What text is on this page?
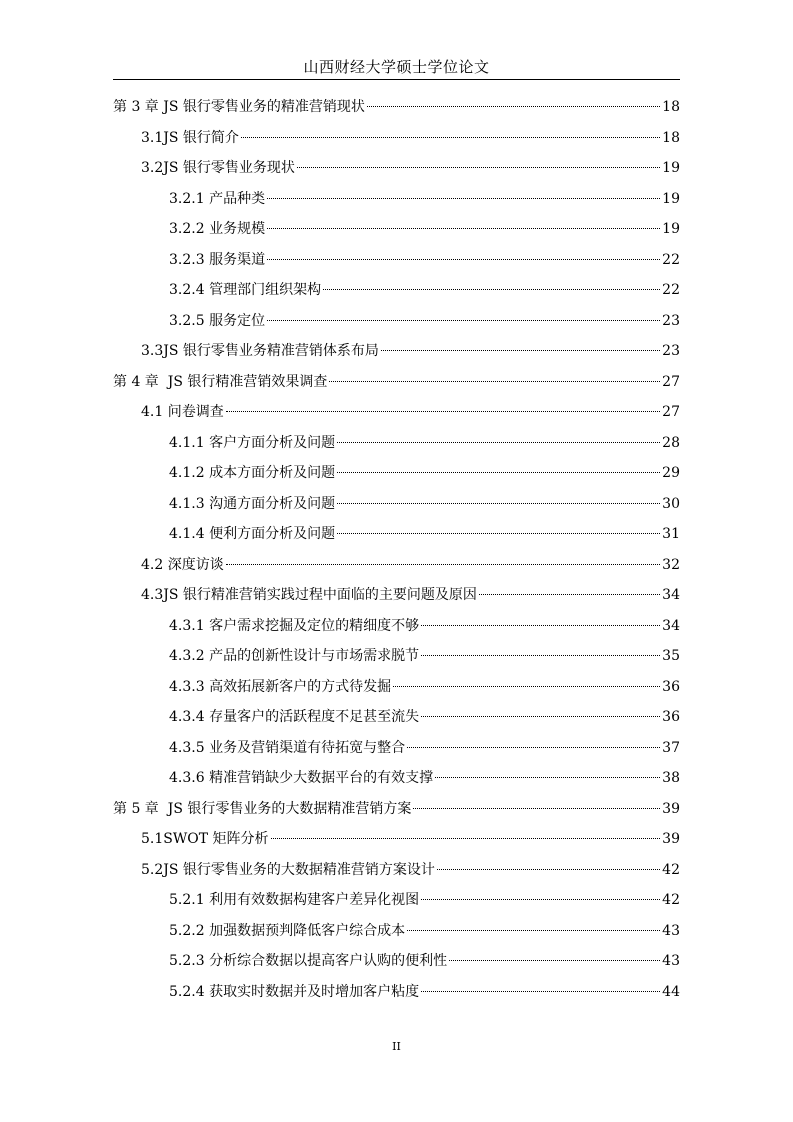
山西财经大学硕士学位论文
第 3 章 JS 银行零售业务的精准营销现状	18
3.1JS 银行简介	18
3.2JS 银行零售业务现状	19
3.2.1 产品种类	19
3.2.2 业务规模	19
3.2.3 服务渠道	22
3.2.4 管理部门组织架构	22
3.2.5 服务定位	23
3.3JS 银行零售业务精准营销体系布局	23
第 4 章  JS 银行精准营销效果调查	27
4.1 问卷调查	27
4.1.1 客户方面分析及问题	28
4.1.2 成本方面分析及问题	29
4.1.3 沟通方面分析及问题	30
4.1.4 便利方面分析及问题	31
4.2 深度访谈	32
4.3JS 银行精准营销实践过程中面临的主要问题及原因	34
4.3.1 客户需求挖掘及定位的精细度不够	34
4.3.2 产品的创新性设计与市场需求脱节	35
4.3.3 高效拓展新客户的方式待发掘	36
4.3.4 存量客户的活跃程度不足甚至流失	36
4.3.5 业务及营销渠道有待拓宽与整合	37
4.3.6 精准营销缺少大数据平台的有效支撑	38
第 5 章  JS 银行零售业务的大数据精准营销方案	39
5.1SWOT 矩阵分析	39
5.2JS 银行零售业务的大数据精准营销方案设计	42
5.2.1 利用有效数据构建客户差异化视图	42
5.2.2 加强数据预判降低客户综合成本	43
5.2.3 分析综合数据以提高客户认购的便利性	43
5.2.4 获取实时数据并及时增加客户粘度	44
II
